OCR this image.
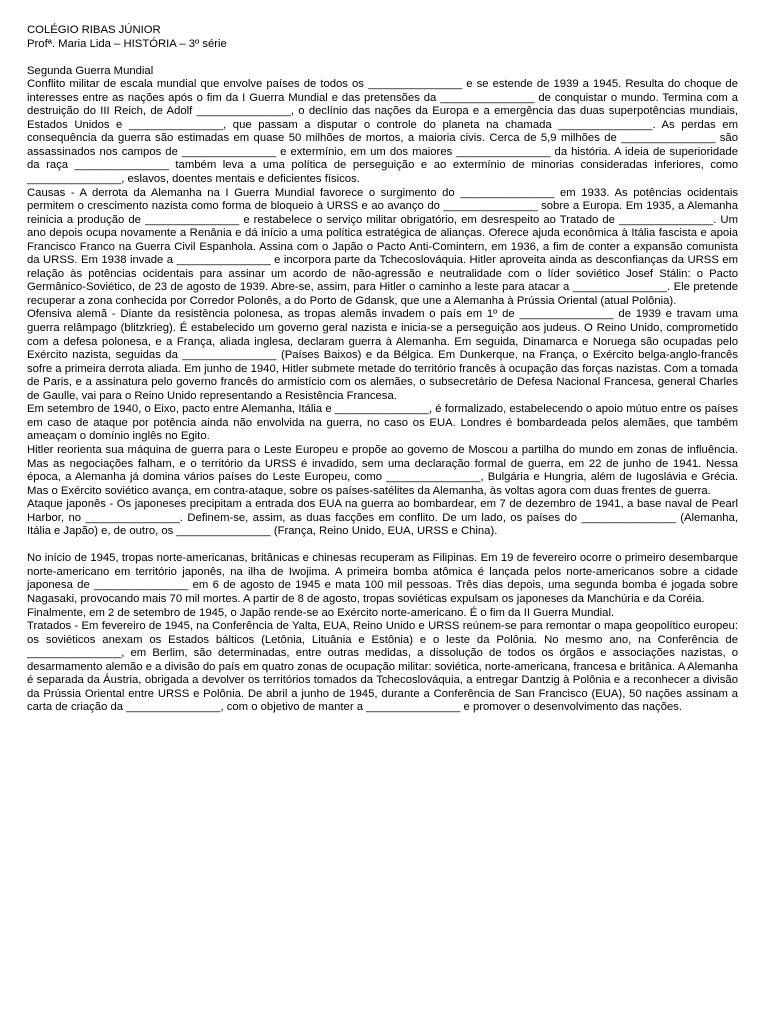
COLÉGIO RIBAS JÚNIOR
Profª. Maria Lida – HISTÓRIA – 3º série
Segunda Guerra Mundial

Conflito militar de escala mundial que envolve países de todos os _______________ e se estende de 1939 a 1945. Resulta do choque de interesses entre as nações após o fim da I Guerra Mundial e das pretensões da _______________ de conquistar o mundo. Termina com a destruição do III Reich, de Adolf _______________, o declínio das nações da Europa e a emergência das duas superpotências mundiais, Estados Unidos e _______________, que passam a disputar o controle do planeta na chamada _______________. As perdas em consequência da guerra são estimadas em quase 50 milhões de mortos, a maioria civis. Cerca de 5,9 milhões de _______________ são assassinados nos campos de _______________ e extermínio, em um dos maiores _______________ da história. A ideia de superioridade da raça _______________ também leva a uma política de perseguição e ao extermínio de minorias consideradas inferiores, como _______________, eslavos, doentes mentais e deficientes físicos.

Causas - A derrota da Alemanha na I Guerra Mundial favorece o surgimento do _______________ em 1933. As potências ocidentais permitem o crescimento nazista como forma de bloqueio à URSS e ao avanço do _______________ sobre a Europa. Em 1935, a Alemanha reinicia a produção de _______________ e restabelece o serviço militar obrigatório, em desrespeito ao Tratado de _______________. Um ano depois ocupa novamente a Renânia e dá início a uma política estratégica de alianças. Oferece ajuda econômica à Itália fascista e apoia Francisco Franco na Guerra Civil Espanhola. Assina com o Japão o Pacto Anti-Comintern, em 1936, a fim de conter a expansão comunista da URSS. Em 1938 invade a _______________ e incorpora parte da Tchecoslováquia. Hitler aproveita ainda as desconfianças da URSS em relação às potências ocidentais para assinar um acordo de não-agressão e neutralidade com o líder soviético Josef Stálin: o Pacto Germânico-Soviético, de 23 de agosto de 1939. Abre-se, assim, para Hitler o caminho a leste para atacar a _______________. Ele pretende recuperar a zona conhecida por Corredor Polonês, a do Porto de Gdansk, que une a Alemanha à Prússia Oriental (atual Polônia).

Ofensiva alemã - Diante da resistência polonesa, as tropas alemãs invadem o país em 1º de _______________ de 1939 e travam uma guerra relâmpago (blitzkrieg). É estabelecido um governo geral nazista e inicia-se a perseguição aos judeus. O Reino Unido, comprometido com a defesa polonesa, e a França, aliada inglesa, declaram guerra à Alemanha. Em seguida, Dinamarca e Noruega são ocupadas pelo Exército nazista, seguidas da _______________ (Países Baixos) e da Bélgica. Em Dunkerque, na França, o Exército belga-anglo-francês sofre a primeira derrota aliada. Em junho de 1940, Hitler submete metade do território francês à ocupação das forças nazistas. Com a tomada de Paris, e a assinatura pelo governo francês do armistício com os alemães, o subsecretário de Defesa Nacional Francesa, general Charles de Gaulle, vai para o Reino Unido representando a Resistência Francesa.

Em setembro de 1940, o Eixo, pacto entre Alemanha, Itália e _______________, é formalizado, estabelecendo o apoio mútuo entre os países em caso de ataque por potência ainda não envolvida na guerra, no caso os EUA. Londres é bombardeada pelos alemães, que também ameaçam o domínio inglês no Egito.

Hitler reorienta sua máquina de guerra para o Leste Europeu e propõe ao governo de Moscou a partilha do mundo em zonas de influência. Mas as negociações falham, e o território da URSS é invadido, sem uma declaração formal de guerra, em 22 de junho de 1941. Nessa época, a Alemanha já domina vários países do Leste Europeu, como _______________, Bulgária e Hungria, além de Iugoslávia e Grécia. Mas o Exército soviético avança, em contra-ataque, sobre os países-satélites da Alemanha, às voltas agora com duas frentes de guerra.

Ataque japonês - Os japoneses precipitam a entrada dos EUA na guerra ao bombardear, em 7 de dezembro de 1941, a base naval de Pearl Harbor, no _______________. Definem-se, assim, as duas facções em conflito. De um lado, os países do _______________ (Alemanha, Itália e Japão) e, de outro, os _______________ (França, Reino Unido, EUA, URSS e China).

No início de 1945, tropas norte-americanas, britânicas e chinesas recuperam as Filipinas. Em 19 de fevereiro ocorre o primeiro desembarque norte-americano em território japonês, na ilha de Iwojima. A primeira bomba atômica é lançada pelos norte-americanos sobre a cidade japonesa de _______________ em 6 de agosto de 1945 e mata 100 mil pessoas. Três dias depois, uma segunda bomba é jogada sobre Nagasaki, provocando mais 70 mil mortes. A partir de 8 de agosto, tropas soviéticas expulsam os japoneses da Manchúria e da Coréia.

Finalmente, em 2 de setembro de 1945, o Japão rende-se ao Exército norte-americano. É o fim da II Guerra Mundial.

Tratados - Em fevereiro de 1945, na Conferência de Yalta, EUA, Reino Unido e URSS reúnem-se para remontar o mapa geopolítico europeu: os soviéticos anexam os Estados bálticos (Letônia, Lituânia e Estônia) e o leste da Polônia. No mesmo ano, na Conferência de _______________, em Berlim, são determinadas, entre outras medidas, a dissolução de todos os órgãos e associações nazistas, o desarmamento alemão e a divisão do país em quatro zonas de ocupação militar: soviética, norte-americana, francesa e britânica. A Alemanha é separada da Áustria, obrigada a devolver os territórios tomados da Tchecoslováquia, a entregar Dantzig à Polônia e a reconhecer a divisão da Prússia Oriental entre URSS e Polônia. De abril a junho de 1945, durante a Conferência de San Francisco (EUA), 50 nações assinam a carta de criação da _______________, com o objetivo de manter a _______________ e promover o desenvolvimento das nações.
